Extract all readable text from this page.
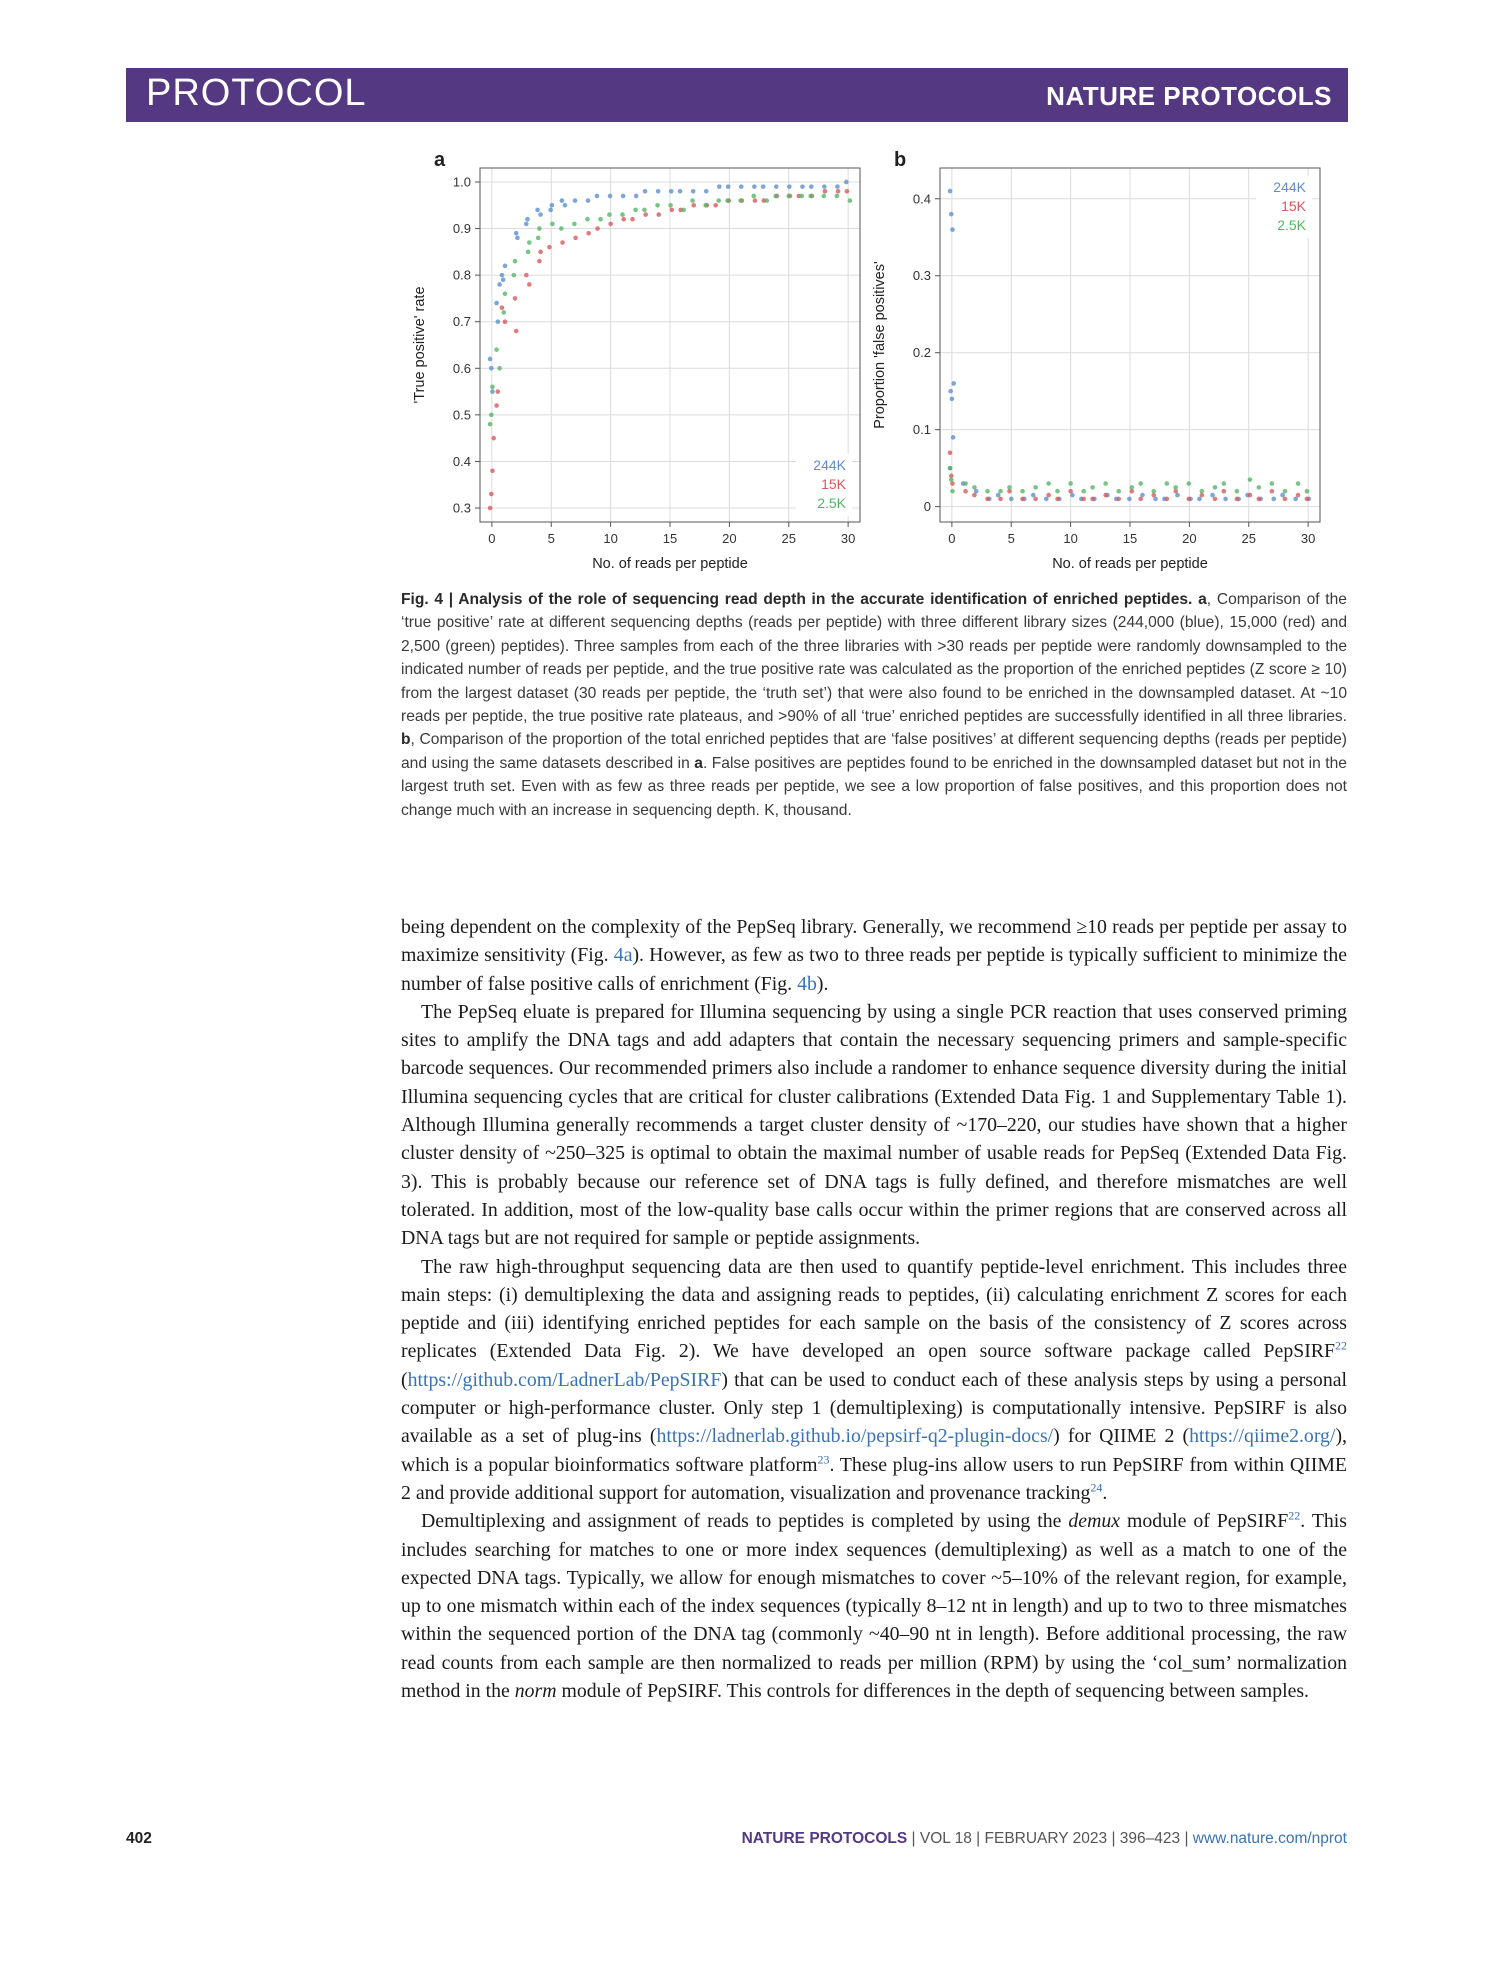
PROTOCOL	NATURE PROTOCOLS
a
0	5	10	15	20	25	30
0.3
0.4
0.5
0.6
0.7
0.8
0.9
1.0
No. of reads per peptide
'True positive' rate
244K
15K
2.5K
b
0	5	10	15	20	25	30
0
0.1
0.2
0.3
0.4
No. of reads per peptide
Proportion 'false positives'
244K
15K
2.5K
Fig. 4 | Analysis of the role of sequencing read depth in the accurate identification of enriched peptides. a, Comparison of the ‘true positive’ rate at different sequencing depths (reads per peptide) with three different library sizes (244,000 (blue), 15,000 (red) and 2,500 (green) peptides). Three samples from each of the three libraries with >30 reads per peptide were randomly downsampled to the indicated number of reads per peptide, and the true positive rate was calculated as the proportion of the enriched peptides (Z score ≥ 10) from the largest dataset (30 reads per peptide, the ‘truth set’) that were also found to be enriched in the downsampled dataset. At ~10 reads per peptide, the true positive rate plateaus, and >90% of all ‘true’ enriched peptides are successfully identified in all three libraries. b, Comparison of the proportion of the total enriched peptides that are ‘false positives’ at different sequencing depths (reads per peptide) and using the same datasets described in a. False positives are peptides found to be enriched in the downsampled dataset but not in the largest truth set. Even with as few as three reads per peptide, we see a low proportion of false positives, and this proportion does not change much with an increase in sequencing depth. K, thousand.

being dependent on the complexity of the PepSeq library. Generally, we recommend ≥10 reads per peptide per assay to maximize sensitivity (Fig. 4a). However, as few as two to three reads per peptide is typically sufficient to minimize the number of false positive calls of enrichment (Fig. 4b).

The PepSeq eluate is prepared for Illumina sequencing by using a single PCR reaction that uses conserved priming sites to amplify the DNA tags and add adapters that contain the necessary sequencing primers and sample-specific barcode sequences. Our recommended primers also include a randomer to enhance sequence diversity during the initial Illumina sequencing cycles that are critical for cluster calibrations (Extended Data Fig. 1 and Supplementary Table 1). Although Illumina generally recommends a target cluster density of ~170–220, our studies have shown that a higher cluster density of ~250–325 is optimal to obtain the maximal number of usable reads for PepSeq (Extended Data Fig. 3). This is probably because our reference set of DNA tags is fully defined, and therefore mismatches are well tolerated. In addition, most of the low-quality base calls occur within the primer regions that are conserved across all DNA tags but are not required for sample or peptide assignments.

The raw high-throughput sequencing data are then used to quantify peptide-level enrichment. This includes three main steps: (i) demultiplexing the data and assigning reads to peptides, (ii) calculating enrichment Z scores for each peptide and (iii) identifying enriched peptides for each sample on the basis of the consistency of Z scores across replicates (Extended Data Fig. 2). We have developed an open source software package called PepSIRF$^{22}$ (https://github.com/LadnerLab/PepSIRF) that can be used to conduct each of these analysis steps by using a personal computer or high-performance cluster. Only step 1 (demultiplexing) is computationally intensive. PepSIRF is also available as a set of plug-ins (https://ladnerlab.github.io/pepsirf-q2-plugin-docs/) for QIIME 2 (https://qiime2.org/), which is a popular bioinformatics software platform$^{23}$. These plug-ins allow users to run PepSIRF from within QIIME 2 and provide additional support for automation, visualization and provenance tracking$^{24}$.

Demultiplexing and assignment of reads to peptides is completed by using the demux module of PepSIRF$^{22}$. This includes searching for matches to one or more index sequences (demultiplexing) as well as a match to one of the expected DNA tags. Typically, we allow for enough mismatches to cover ~5–10% of the relevant region, for example, up to one mismatch within each of the index sequences (typically 8–12 nt in length) and up to two to three mismatches within the sequenced portion of the DNA tag (commonly ~40–90 nt in length). Before additional processing, the raw read counts from each sample are then normalized to reads per million (RPM) by using the ‘col_sum’ normalization method in the norm module of PepSIRF. This controls for differences in the depth of sequencing between samples.

402	NATURE PROTOCOLS | VOL 18 | FEBRUARY 2023 | 396–423 | www.nature.com/nprot
